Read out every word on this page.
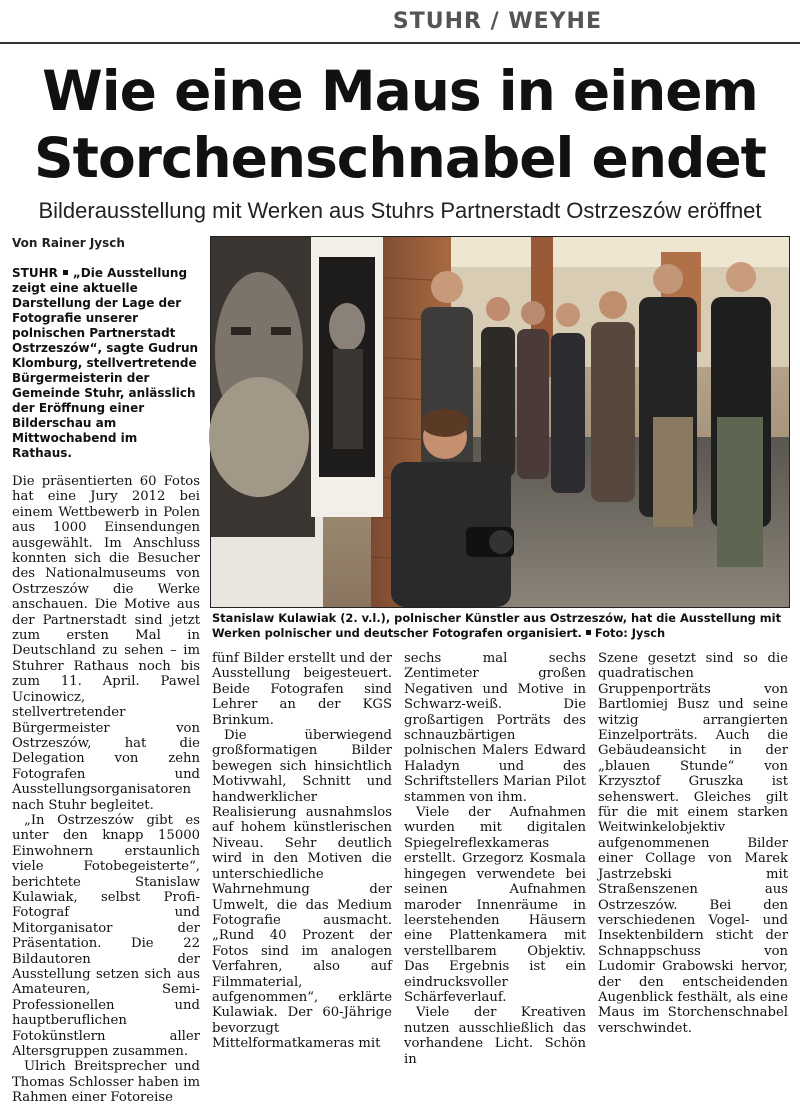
STUHR / WEYHE
Wie eine Maus in einem Storchenschnabel endet
Bilderausstellung mit Werken aus Stuhrs Partnerstadt Ostrzeszów eröffnet
Von Rainer Jysch

STUHR „Die Ausstellung zeigt eine aktuelle Darstellung der Lage der Fotografie unserer polnischen Partnerstadt Ostrzeszów“, sagte Gudrun Klomburg, stellvertretende Bürgermeisterin der Gemeinde Stuhr, anlässlich der Eröffnung einer Bilderschau am Mittwochabend im Rathaus.

Die präsentierten 60 Fotos hat eine Jury 2012 bei einem Wettbewerb in Polen aus 1000 Einsendungen ausgewählt. Im Anschluss konnten sich die Besucher des Nationalmuseums von Ostrzeszów die Werke anschauen. Die Motive aus der Partnerstadt sind jetzt zum ersten Mal in Deutschland zu sehen – im Stuhrer Rathaus noch bis zum 11. April. Pawel Ucinowicz, stellvertretender Bürgermeister von Ostrzeszów, hat die Delegation von zehn Fotografen und Ausstellungsorganisatoren nach Stuhr begleitet.

„In Ostrzeszów gibt es unter den knapp 15000 Einwohnern erstaunlich viele Fotobegeisterte“, berichtete Stanislaw Kulawiak, selbst Profi-Fotograf und Mitorganisator der Präsentation. Die 22 Bildautoren der Ausstellung setzen sich aus Amateuren, Semi-Professionellen und hauptberuflichen Fotokünstlern aller Altersgruppen zusammen.

Ulrich Breitsprecher und Thomas Schlosser haben im Rahmen einer Fotoreise

Stanislaw Kulawiak (2. v.l.), polnischer Künstler aus Ostrzeszów, hat die Ausstellung mit Werken polnischer und deutscher Fotografen organisiert. Foto: Jysch

fünf Bilder erstellt und der Ausstellung beigesteuert. Beide Fotografen sind Lehrer an der KGS Brinkum.

Die überwiegend großformatigen Bilder bewegen sich hinsichtlich Motivwahl, Schnitt und handwerklicher Realisierung ausnahmslos auf hohem künstlerischen Niveau. Sehr deutlich wird in den Motiven die unterschiedliche Wahrnehmung der Umwelt, die das Medium Fotografie ausmacht. „Rund 40 Prozent der Fotos sind im analogen Verfahren, also auf Filmmaterial, aufgenommen“, erklärte Kulawiak. Der 60-Jährige bevorzugt Mittelformatkameras mit

sechs mal sechs Zentimeter großen Negativen und Motive in Schwarz-weiß. Die großartigen Porträts des schnauzbärtigen polnischen Malers Edward Haladyn und des Schriftstellers Marian Pilot stammen von ihm.

Viele der Aufnahmen wurden mit digitalen Spiegelreflexkameras erstellt. Grzegorz Kosmala hingegen verwendete bei seinen Aufnahmen maroder Innenräume in leerstehenden Häusern eine Plattenkamera mit verstellbarem Objektiv. Das Ergebnis ist ein eindrucksvoller Schärfeverlauf.

Viele der Kreativen nutzen ausschließlich das vorhandene Licht. Schön in

Szene gesetzt sind so die quadratischen Gruppenporträts von Bartlomiej Busz und seine witzig arrangierten Einzelporträts. Auch die Gebäudeansicht in der „blauen Stunde“ von Krzysztof Gruszka ist sehenswert. Gleiches gilt für die mit einem starken Weitwinkelobjektiv aufgenommenen Bilder einer Collage von Marek Jastrzebski mit Straßenszenen aus Ostrzeszów. Bei den verschiedenen Vogel- und Insektenbildern sticht der Schnappschuss von Ludomir Grabowski hervor, der den entscheidenden Augenblick festhält, als eine Maus im Storchenschnabel verschwindet.
